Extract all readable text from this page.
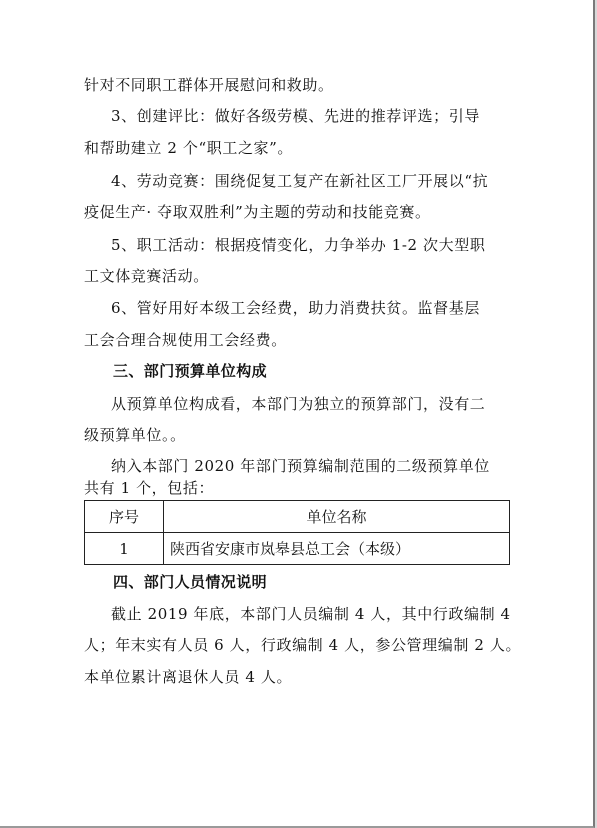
针对不同职工群体开展慰问和救助。
3、创建评比：做好各级劳模、先进的推荐评选；引导
和帮助建立 2 个“职工之家”。
4、劳动竞赛：围绕促复工复产在新社区工厂开展以“抗
疫促生产· 夺取双胜利”为主题的劳动和技能竞赛。
5、职工活动：根据疫情变化，力争举办 1-2 次大型职
工文体竞赛活动。
6、管好用好本级工会经费，助力消费扶贫。监督基层
工会合理合规使用工会经费。
三、部门预算单位构成
从预算单位构成看，本部门为独立的预算部门，没有二
级预算单位。。
纳入本部门 2020 年部门预算编制范围的二级预算单位
共有 1 个，包括：
序号	单位名称
1	陕西省安康市岚皋县总工会（本级）
四、部门人员情况说明
截止 2019 年底，本部门人员编制 4 人，其中行政编制 4
人；年末实有人员 6 人，行政编制 4 人，参公管理编制 2 人。
本单位累计离退休人员 4 人。
